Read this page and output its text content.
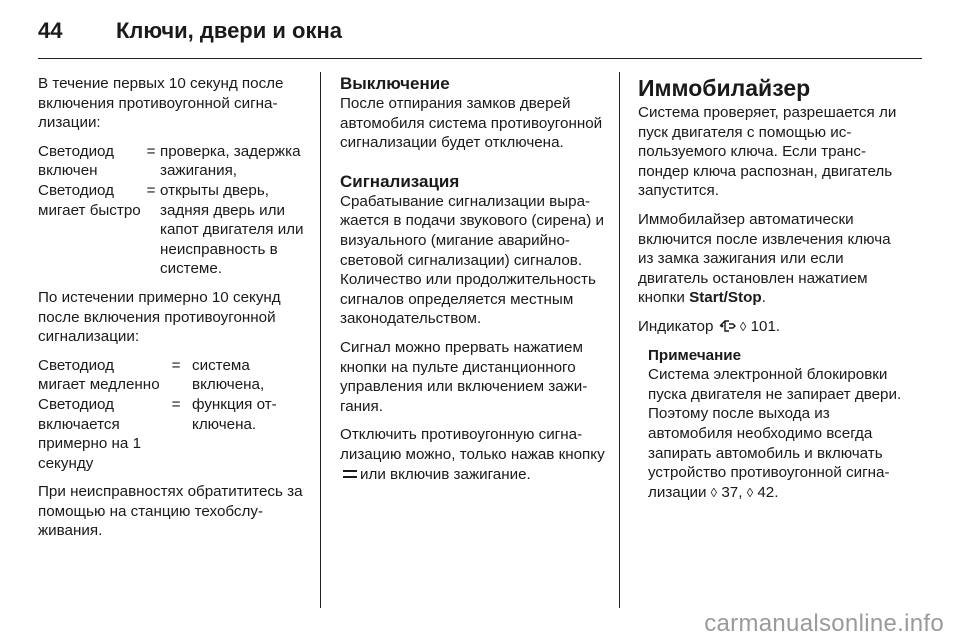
44	Ключи, двери и окна

В течение первых 10 секунд после включения противоугонной сигнализации:

Светодиод включен
= проверка, задержка зажигания,
Светодиод мигает быстро
= открыты дверь, задняя дверь или капот двигателя или неисправность в системе.

По истечении примерно 10 секунд после включения противоугонной сигнализации:

Светодиод мигает медленно
= система включена,
Светодиод включается примерно на 1 секунду
= функция отключена.

При неисправностях обратититесь за помощью на станцию техобслуживания.

Выключение

После отпирания замков дверей автомобиля система противоугонной сигнализации будет отключена.

Сигнализация

Срабатывание сигнализации выражается в подачи звукового (сирена) и визуального (мигание аварийносветовой сигнализации) сигналов. Количество или продолжительность сигналов определяется местным законодательством.

Сигнал можно прервать нажатием кнопки на пульте дистанционного управления или включением зажигания.

Отключить противоугонную сигнализацию можно, только нажав кнопкуили включив зажигание.

Иммобилайзер

Система проверяет, разрешается ли пуск двигателя с помощью используемого ключа. Если транспондер ключа распознан, двигатель запустится.

Иммобилайзер автоматически включится после извлечения ключа из замка зажигания или если двигатель остановлен нажатием кнопки Start/Stop.

Индикатор ◊ 101.

Примечание
Система электронной блокировки пуска двигателя не запирает двери. Поэтому после выхода из автомобиля необходимо всегда запирать автомобиль и включать устройство противоугонной сигнализации ◊ 37, ◊ 42.
carmanualsonline.info
